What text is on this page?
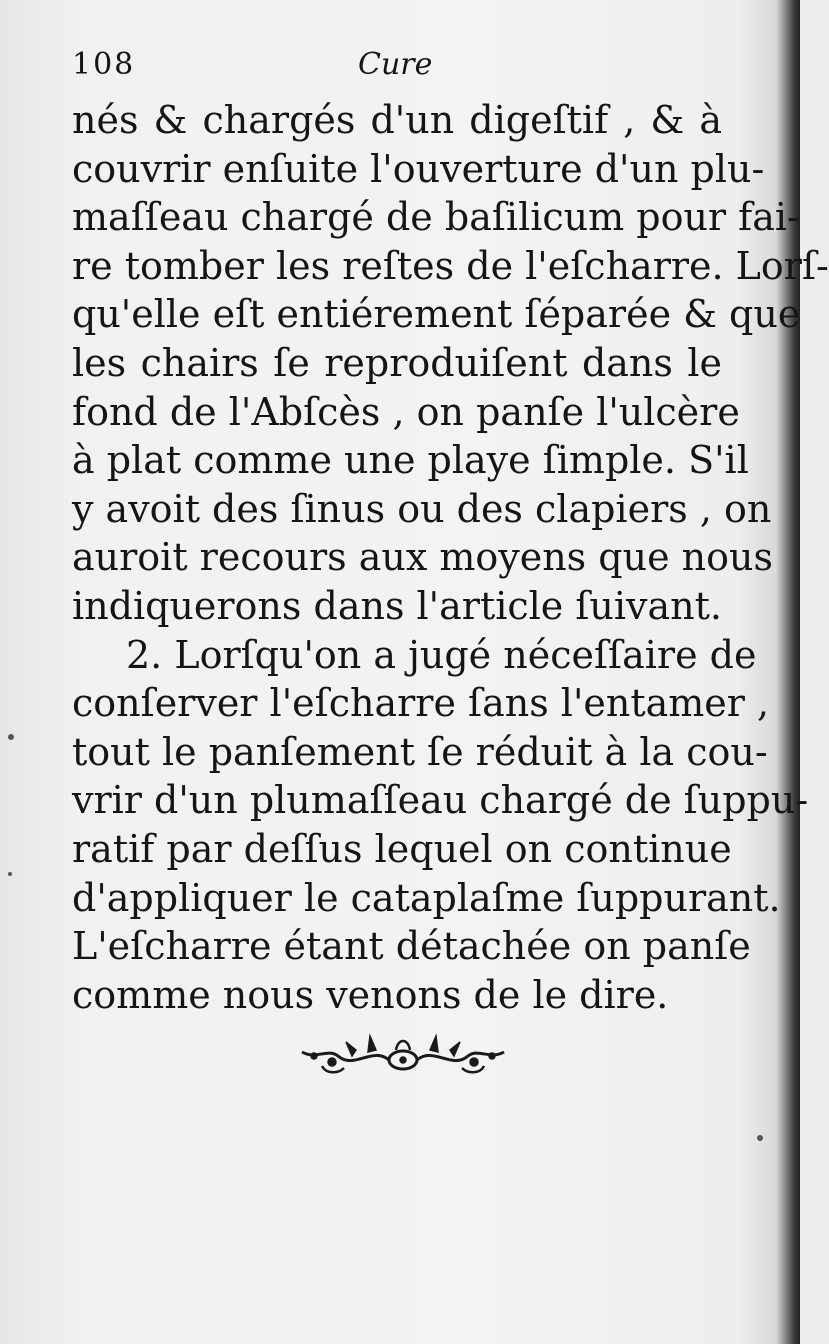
108	Cure
nés & chargés d'un digeſtif , & à
couvrir enſuite l'ouverture d'un plu-
maſſeau chargé de baſilicum pour fai-
re tomber les reſtes de l'eſcharre. Lorſ-
qu'elle eſt entiérement ſéparée & que
les chairs ſe reproduiſent dans le
fond de l'Abſcès , on panſe l'ulcère
à plat comme une playe ſimple. S'il
y avoit des ſinus ou des clapiers , on
auroit recours aux moyens que nous
indiquerons dans l'article ſuivant.
2. Lorſqu'on a jugé néceſſaire de
conſerver l'eſcharre ſans l'entamer ,
tout le panſement ſe réduit à la cou-
vrir d'un plumaſſeau chargé de ſuppu-
ratif par deſſus lequel on continue
d'appliquer le cataplaſme ſuppurant.
L'eſcharre étant détachée on panſe
comme nous venons de le dire.
